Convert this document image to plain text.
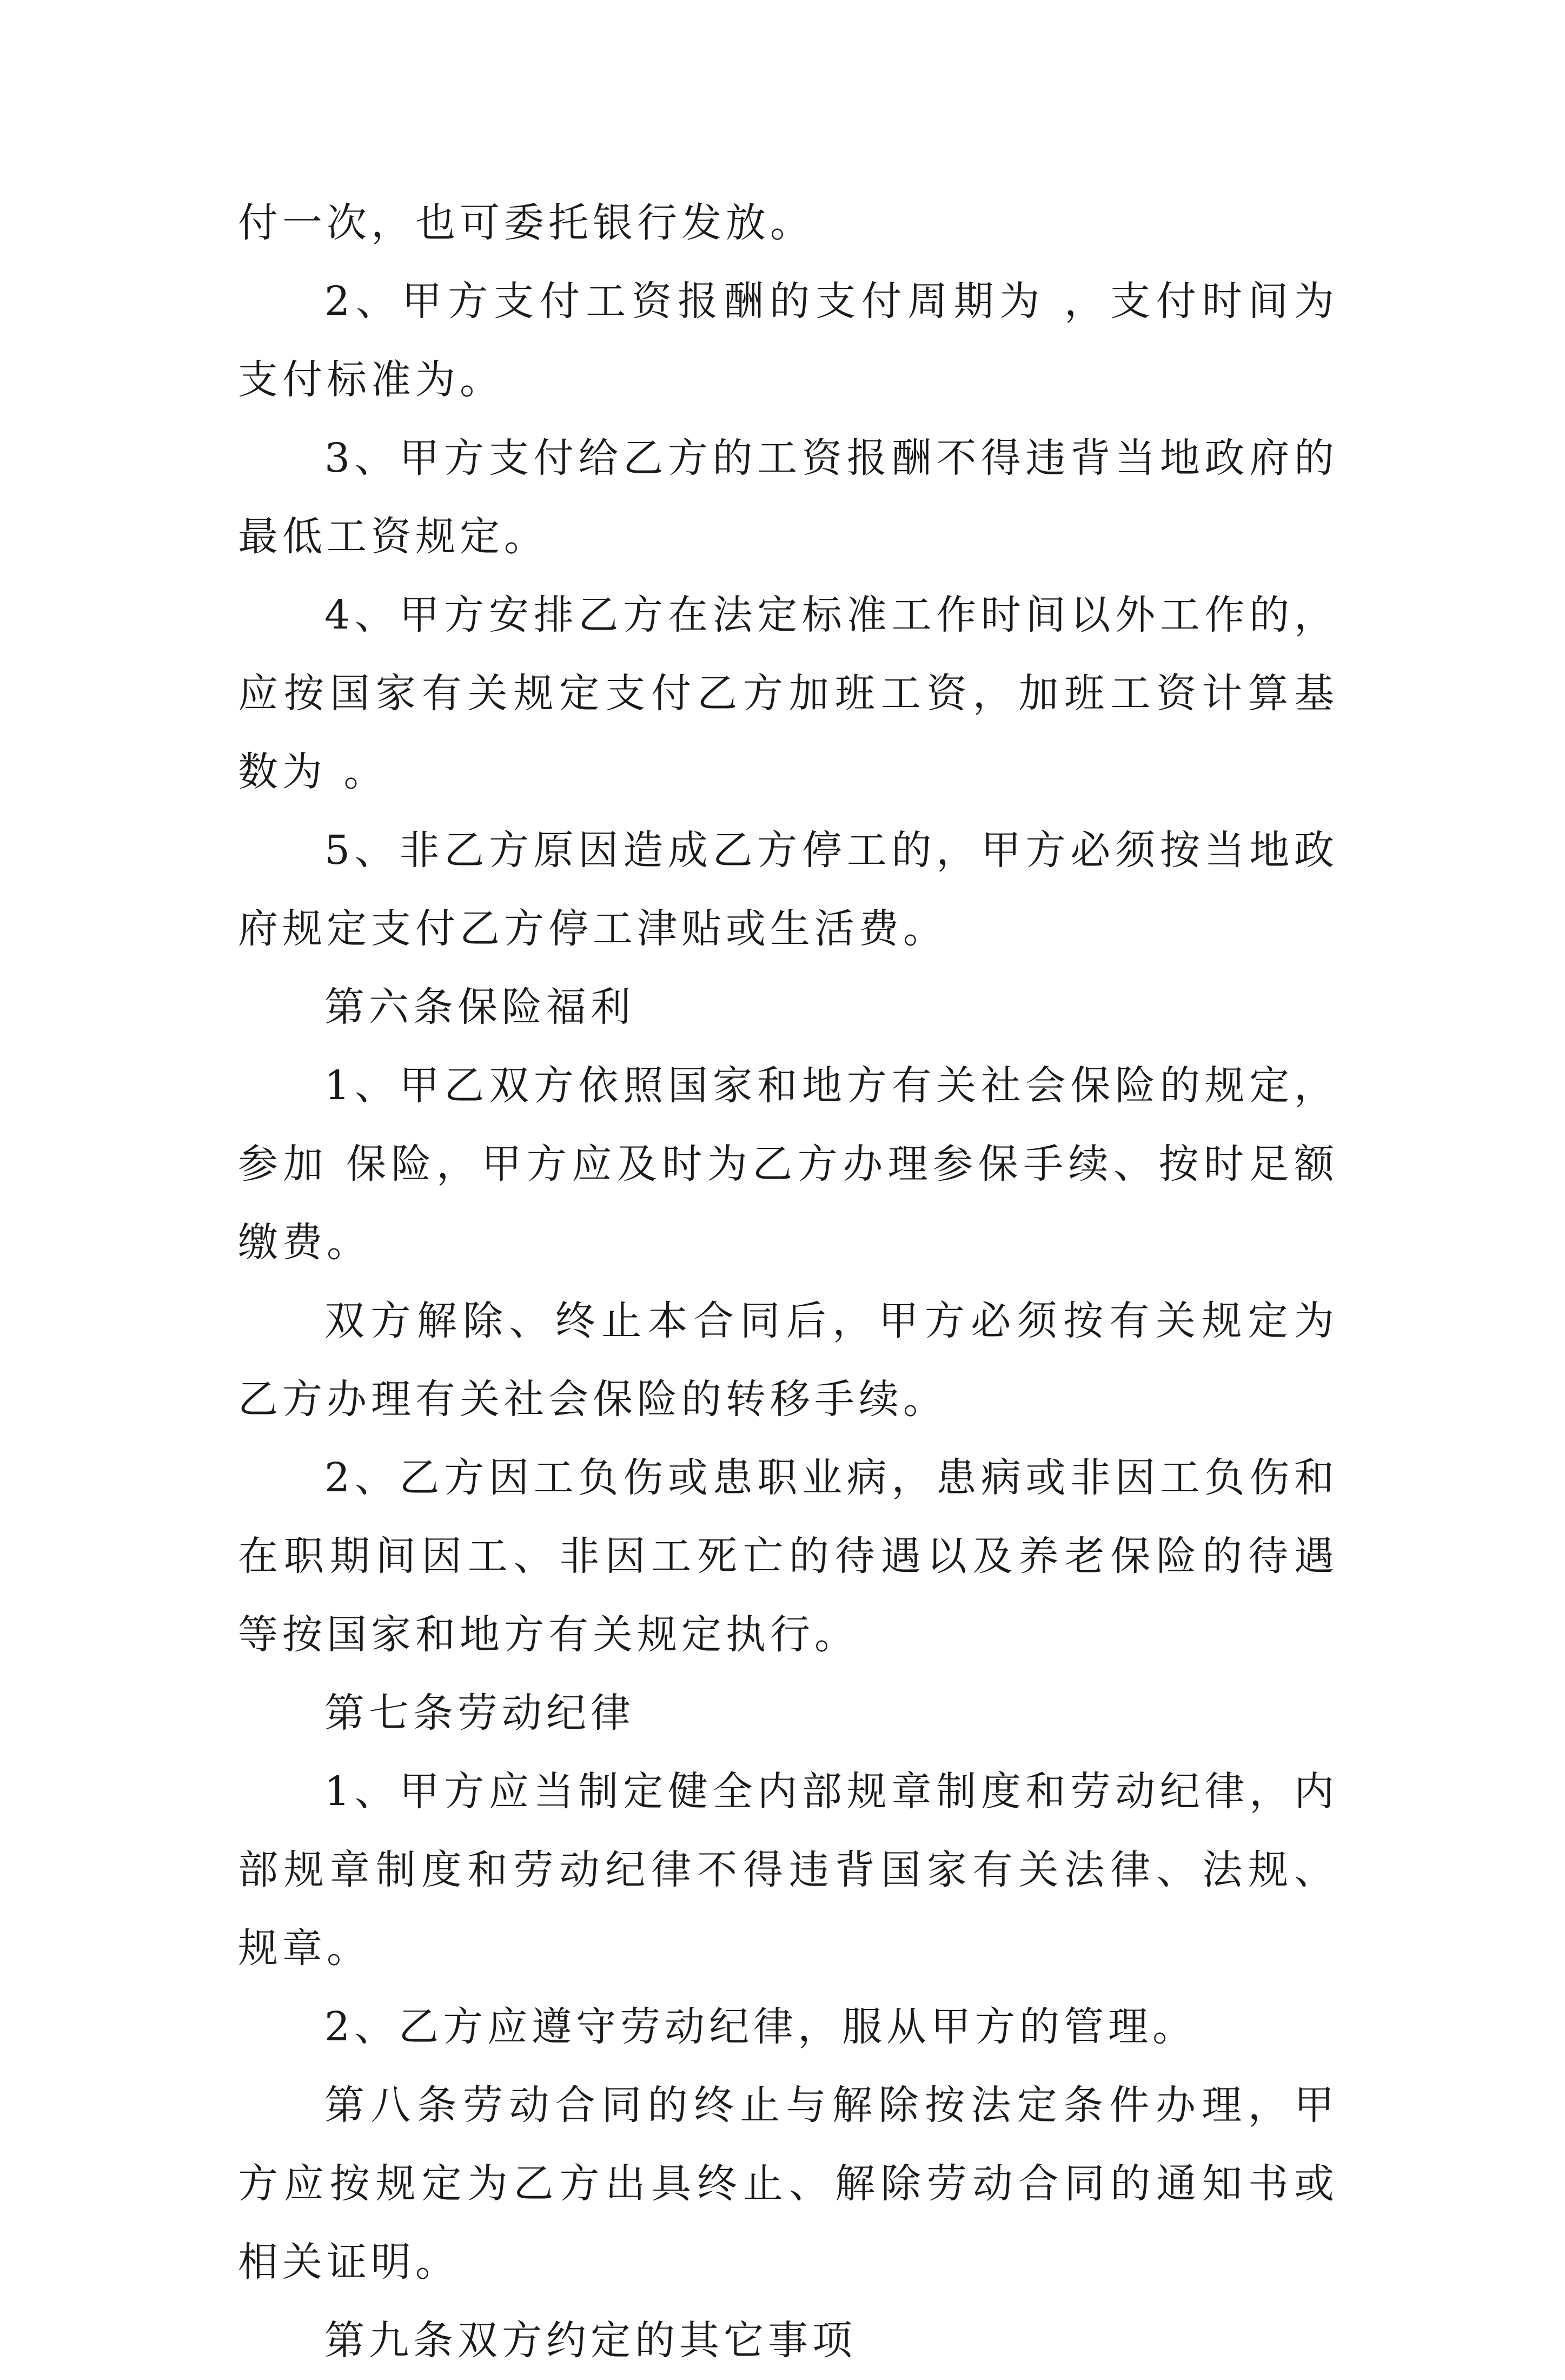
付一次，也可委托银行发放。

2、甲方支付工资报酬的支付周期为 ，支付时间为 支付标准为。

3、甲方支付给乙方的工资报酬不得违背当地政府的最低工资规定。

4、甲方安排乙方在法定标准工作时间以外工作的，应按国家有关规定支付乙方加班工资，加班工资计算基数为 。

5、非乙方原因造成乙方停工的，甲方必须按当地政府规定支付乙方停工津贴或生活费。

第六条保险福利

1、甲乙双方依照国家和地方有关社会保险的规定，参加 保险，甲方应及时为乙方办理参保手续、按时足额缴费。

双方解除、终止本合同后，甲方必须按有关规定为乙方办理有关社会保险的转移手续。

2、乙方因工负伤或患职业病，患病或非因工负伤和在职期间因工、非因工死亡的待遇以及养老保险的待遇等按国家和地方有关规定执行。

第七条劳动纪律

1、甲方应当制定健全内部规章制度和劳动纪律，内部规章制度和劳动纪律不得违背国家有关法律、法规、规章。

2、乙方应遵守劳动纪律，服从甲方的管理。

第八条劳动合同的终止与解除按法定条件办理，甲方应按规定为乙方出具终止、解除劳动合同的通知书或相关证明。

第九条双方约定的其它事项
